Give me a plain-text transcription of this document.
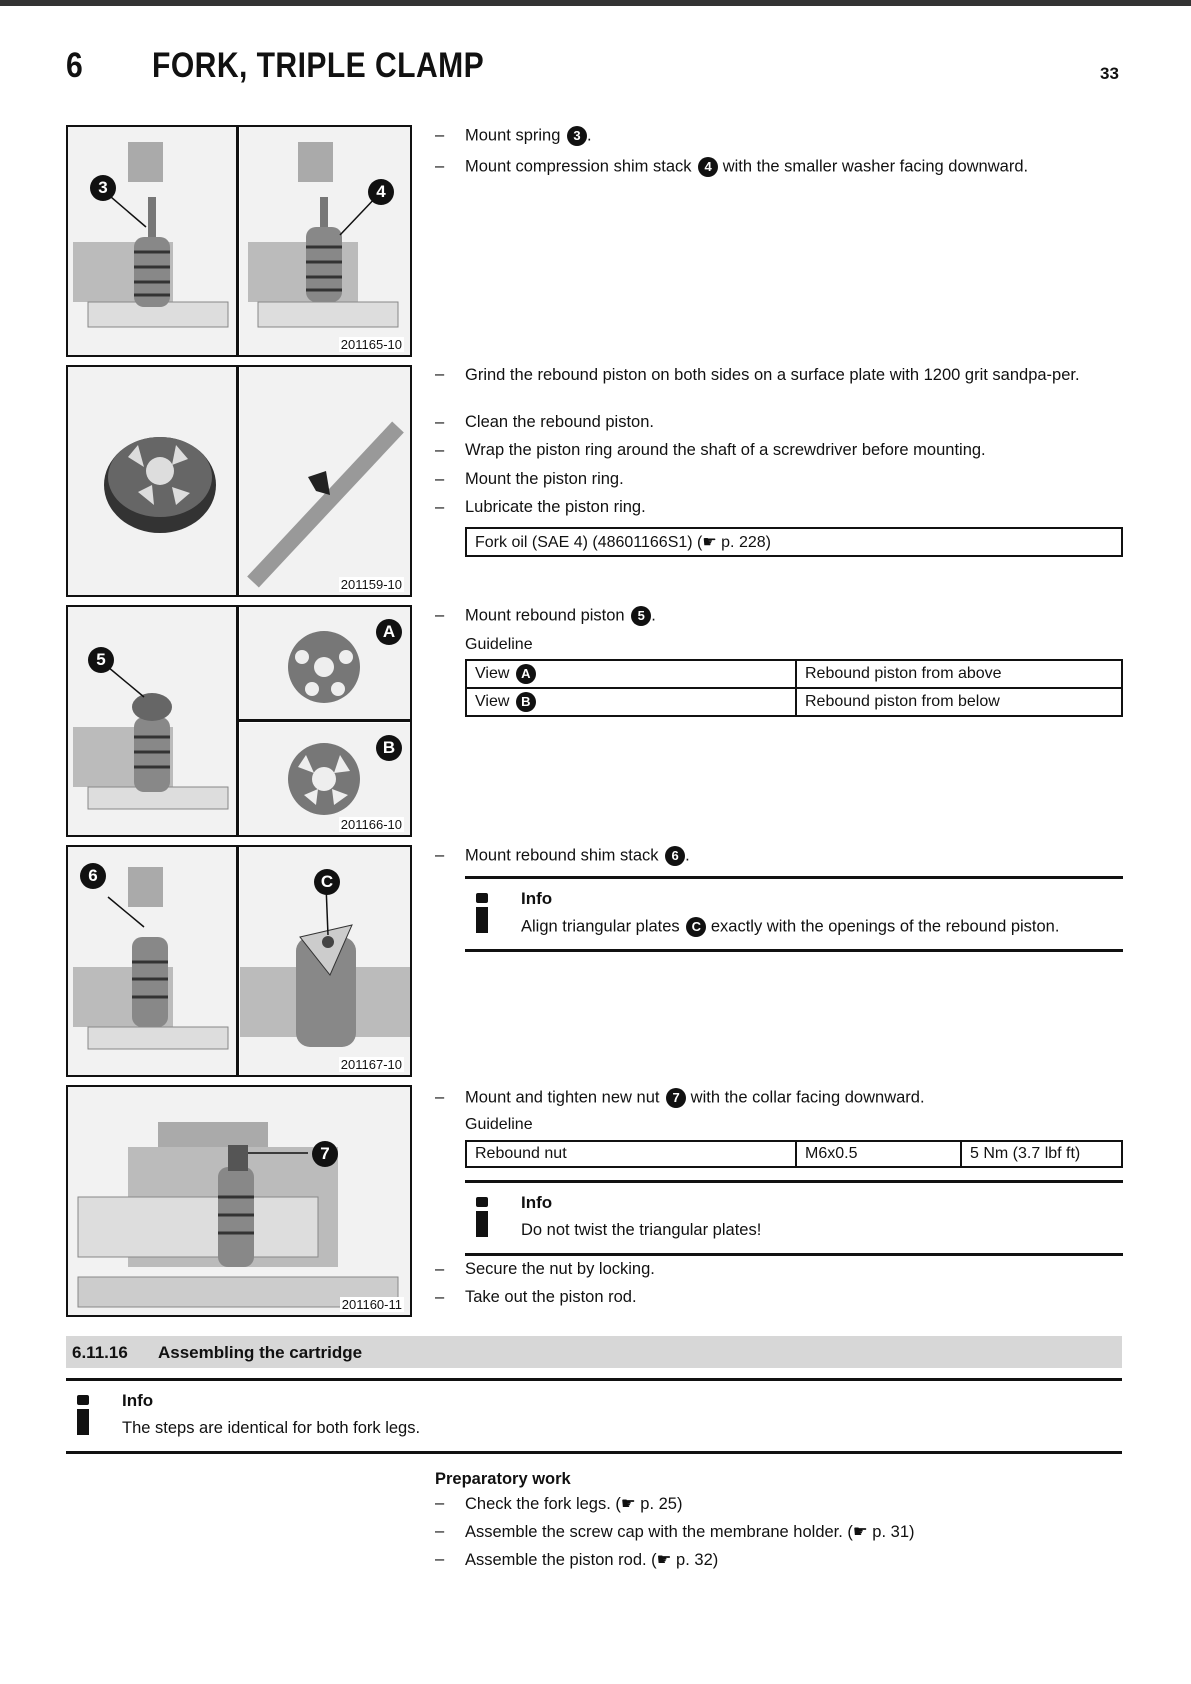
6 FORK, TRIPLE CLAMP	33
3	4
201165-10
201159-10
5
A
B
201166-10
6	C
201167-10
7
201160-11
– Mount spring 3 .
– Mount compression shim stack 4 with the smaller washer facing downward.
– Grind the rebound piston on both sides on a surface plate with 1200 grit sandpa-per.
– Clean the rebound piston.
– Wrap the piston ring around the shaft of a screwdriver before mounting.
– Mount the piston ring.
– Lubricate the piston ring.
Fork oil (SAE 4) (48601166S1) (☛ p. 228)
– Mount rebound piston 5 .
Guideline
View A	Rebound piston from above
View B	Rebound piston from below
– Mount rebound shim stack 6 .
Info
Align triangular plates C exactly with the openings of the rebound piston.
– Mount and tighten new nut 7 with the collar facing downward.
Guideline
Rebound nut	M6x0.5	5 Nm (3.7 lbf ft)
Info
Do not twist the triangular plates!
– Secure the nut by locking.
– Take out the piston rod.
6.11.16 Assembling the cartridge
Info
The steps are identical for both fork legs.
Preparatory work
– Check the fork legs. (☛ p. 25)
– Assemble the screw cap with the membrane holder. (☛ p. 31)
– Assemble the piston rod. (☛ p. 32)
